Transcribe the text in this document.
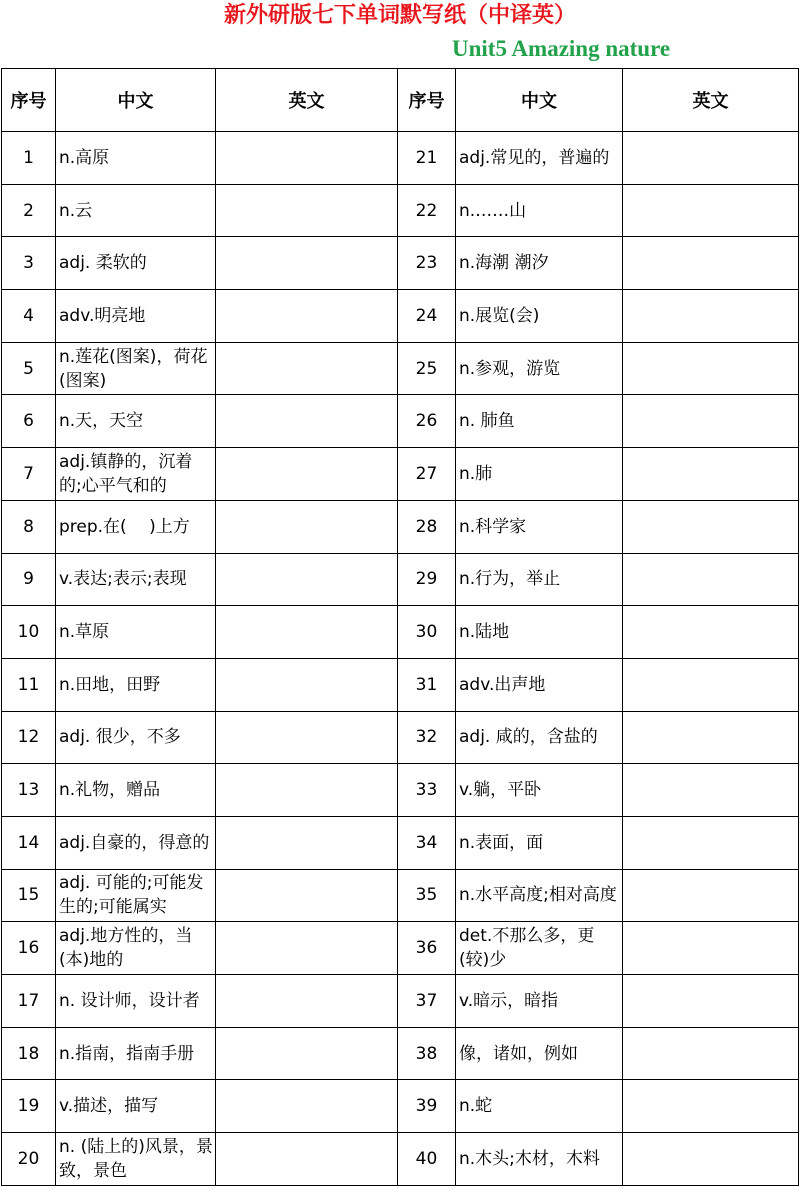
新外研版七下单词默写纸（中译英）
Unit5 Amazing nature
序号	中文	英文	序号	中文	英文
1	n.高原		21	adj.常见的，普遍的	
2	n.云		22	n.……山	
3	adj. 柔软的		23	n.海潮 潮汐	
4	adv.明亮地		24	n.展览(会)	
5	n.莲花(图案)，荷花(图案)		25	n.参观，游览	
6	n.天，天空		26	n. 肺鱼	
7	adj.镇静的，沉着的;心平气和的		27	n.肺	
8	prep.在(　 )上方		28	n.科学家	
9	v.表达;表示;表现		29	n.行为，举止	
10	n.草原		30	n.陆地	
11	n.田地，田野		31	adv.出声地	
12	adj. 很少，不多		32	adj. 咸的，含盐的	
13	n.礼物，赠品		33	v.躺，平卧	
14	adj.自豪的，得意的		34	n.表面，面	
15	adj. 可能的;可能发生的;可能属实		35	n.水平高度;相对高度	
16	adj.地方性的，当(本)地的		36	det.不那么多，更(较)少	
17	n. 设计师，设计者		37	v.暗示，暗指	
18	n.指南，指南手册		38	像，诸如，例如	
19	v.描述，描写		39	n.蛇	
20	n. (陆上的)风景，景致，景色		40	n.木头;木材，木料	
